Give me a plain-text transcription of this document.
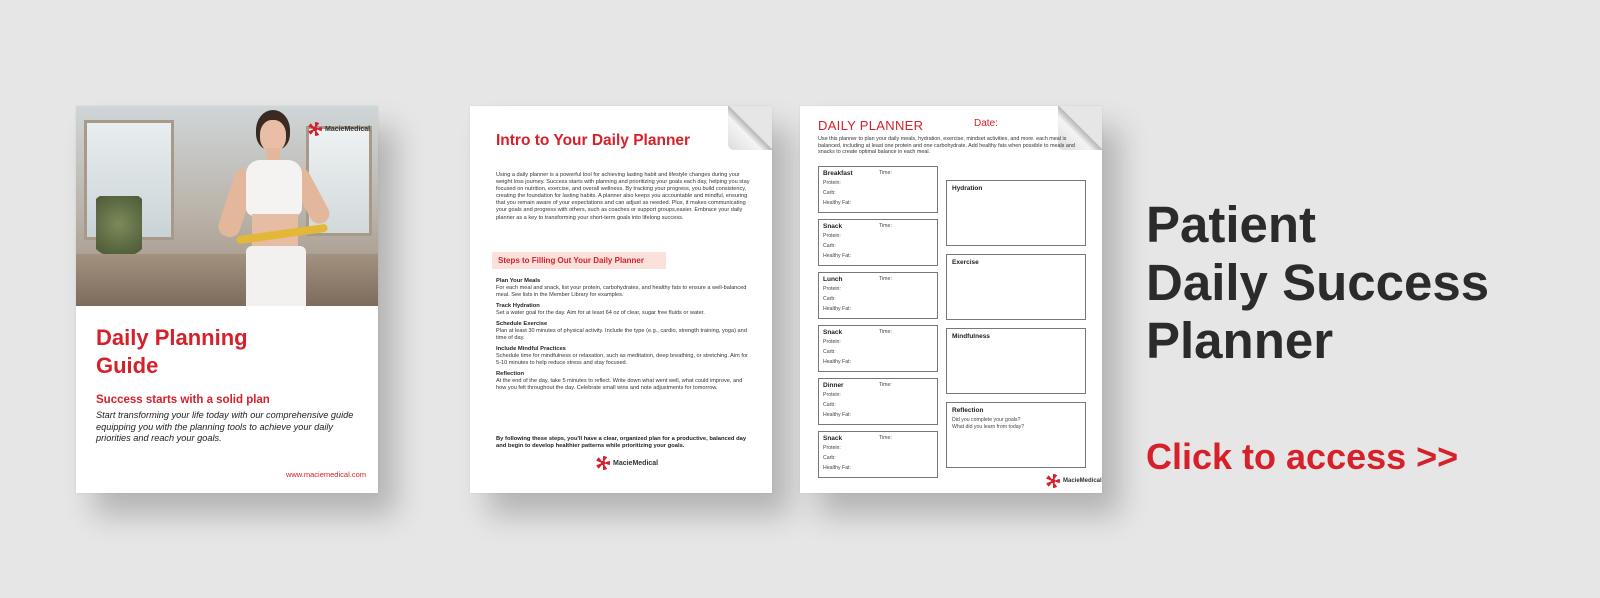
MacieMedical
Daily Planning
Guide
Success starts with a solid plan
Start transforming your life today with our comprehensive guide equipping you with the planning tools to achieve your daily priorities and reach your goals.
www.maciemedical.com
Intro to Your Daily Planner
Using a daily planner is a powerful tool for achieving lasting habit and lifestyle changes during your weight loss journey. Success starts with planning and prioritizing your goals each day, helping you stay focused on nutrition, exercise, and overall wellness. By tracking your progress, you build consistency, creating the foundation for lasting habits. A planner also keeps you accountable and mindful, ensuring that you remain aware of your expectations and can adjust as needed. Plus, it makes communicating your goals and progress with others, such as coaches or support groups,easier. Embrace your daily planner as a key to transforming your short-term goals into lifelong success.
Steps to Filling Out Your Daily Planner
Plan Your Meals
For each meal and snack, list your protein, carbohydrates, and healthy fats to ensure a well-balanced meal. See lists in the Member Library for examples.
Track Hydration
Set a water goal for the day. Aim for at least 64 oz of clear, sugar free fluids or water.
Schedule Exercise
Plan at least 30 minutes of physical activity. Include the type (e.g., cardio, strength training, yoga) and time of day.
Include Mindful Practices
Schedule time for mindfulness or relaxation, such as meditation, deep breathing, or stretching. Aim for 5-10 minutes to help reduce stress and stay focused.
Reflection
At the end of the day, take 5 minutes to reflect. Write down what went well, what could improve, and how you felt throughout the day. Celebrate small wins and note adjustments for tomorrow.
By following these steps, you'll have a clear, organized plan for a productive, balanced day and begin to develop healthier patterns while prioritizing your goals.
MacieMedical
DAILY PLANNER	Date:
Use this planner to plan your daily meals, hydration, exercise, mindset activities, and more. each meal is balanced, including at least one protein and one carbohydrate. Add healthy fats when possible to meals and snacks to create optimal balance in each meal.
Breakfast	Time:
Protein:
Carb:
Healthy Fat:
Snack	Time:
Protein:
Carb:
Healthy Fat:
Lunch	Time:
Protein:
Carb:
Healthy Fat:
Snack	Time:
Protein:
Carb:
Healthy Fat:
Dinner	Time:
Protein:
Carb:
Healthy Fat:
Snack	Time:
Protein:
Carb:
Healthy Fat:
Hydration
Exercise
Mindfulness
Reflection
Did you complete your goals?
What did you learn from today?
MacieMedical
Patient
Daily Success
Planner
Click to access >>
